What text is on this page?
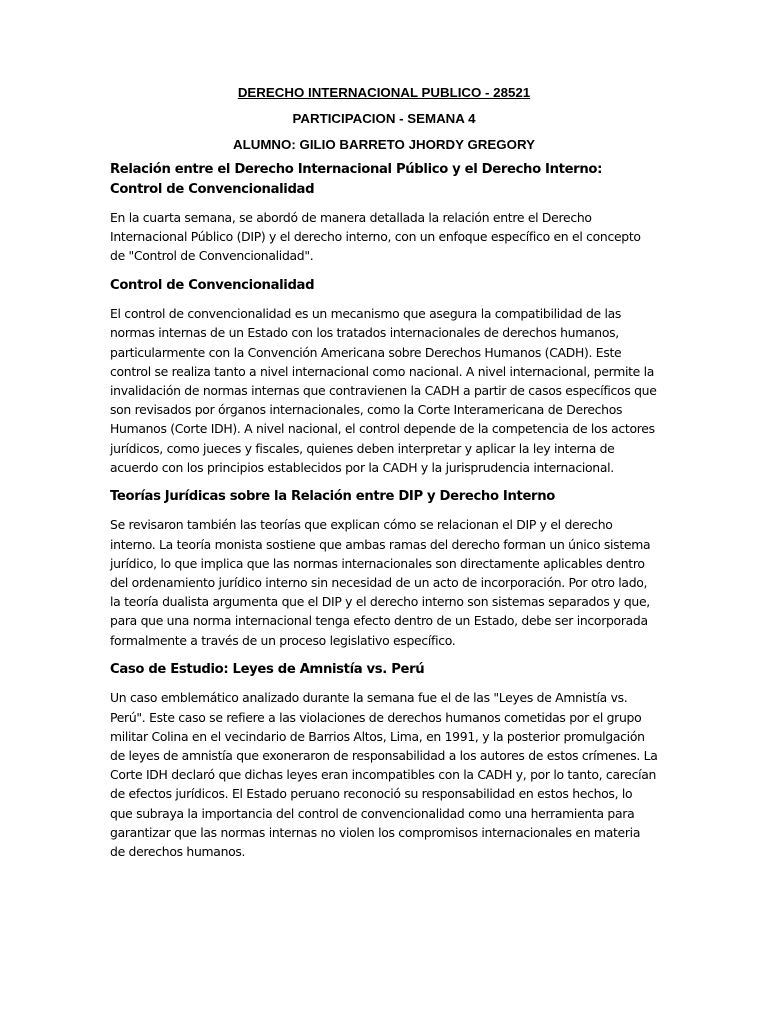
DERECHO INTERNACIONAL PUBLICO - 28521

PARTICIPACION - SEMANA 4

ALUMNO: GILIO BARRETO JHORDY GREGORY

Relación entre el Derecho Internacional Público y el Derecho Interno: Control de Convencionalidad

En la cuarta semana, se abordó de manera detallada la relación entre el Derecho Internacional Público (DIP) y el derecho interno, con un enfoque específico en el concepto de "Control de Convencionalidad".

Control de Convencionalidad

El control de convencionalidad es un mecanismo que asegura la compatibilidad de las normas internas de un Estado con los tratados internacionales de derechos humanos, particularmente con la Convención Americana sobre Derechos Humanos (CADH). Este control se realiza tanto a nivel internacional como nacional. A nivel internacional, permite la invalidación de normas internas que contravienen la CADH a partir de casos específicos que son revisados por órganos internacionales, como la Corte Interamericana de Derechos Humanos (Corte IDH). A nivel nacional, el control depende de la competencia de los actores jurídicos, como jueces y fiscales, quienes deben interpretar y aplicar la ley interna de acuerdo con los principios establecidos por la CADH y la jurisprudencia internacional.

Teorías Jurídicas sobre la Relación entre DIP y Derecho Interno

Se revisaron también las teorías que explican cómo se relacionan el DIP y el derecho interno. La teoría monista sostiene que ambas ramas del derecho forman un único sistema jurídico, lo que implica que las normas internacionales son directamente aplicables dentro del ordenamiento jurídico interno sin necesidad de un acto de incorporación. Por otro lado, la teoría dualista argumenta que el DIP y el derecho interno son sistemas separados y que, para que una norma internacional tenga efecto dentro de un Estado, debe ser incorporada formalmente a través de un proceso legislativo específico.

Caso de Estudio: Leyes de Amnistía vs. Perú

Un caso emblemático analizado durante la semana fue el de las "Leyes de Amnistía vs. Perú". Este caso se refiere a las violaciones de derechos humanos cometidas por el grupo militar Colina en el vecindario de Barrios Altos, Lima, en 1991, y la posterior promulgación de leyes de amnistía que exoneraron de responsabilidad a los autores de estos crímenes. La Corte IDH declaró que dichas leyes eran incompatibles con la CADH y, por lo tanto, carecían de efectos jurídicos. El Estado peruano reconoció su responsabilidad en estos hechos, lo que subraya la importancia del control de convencionalidad como una herramienta para garantizar que las normas internas no violen los compromisos internacionales en materia de derechos humanos.
